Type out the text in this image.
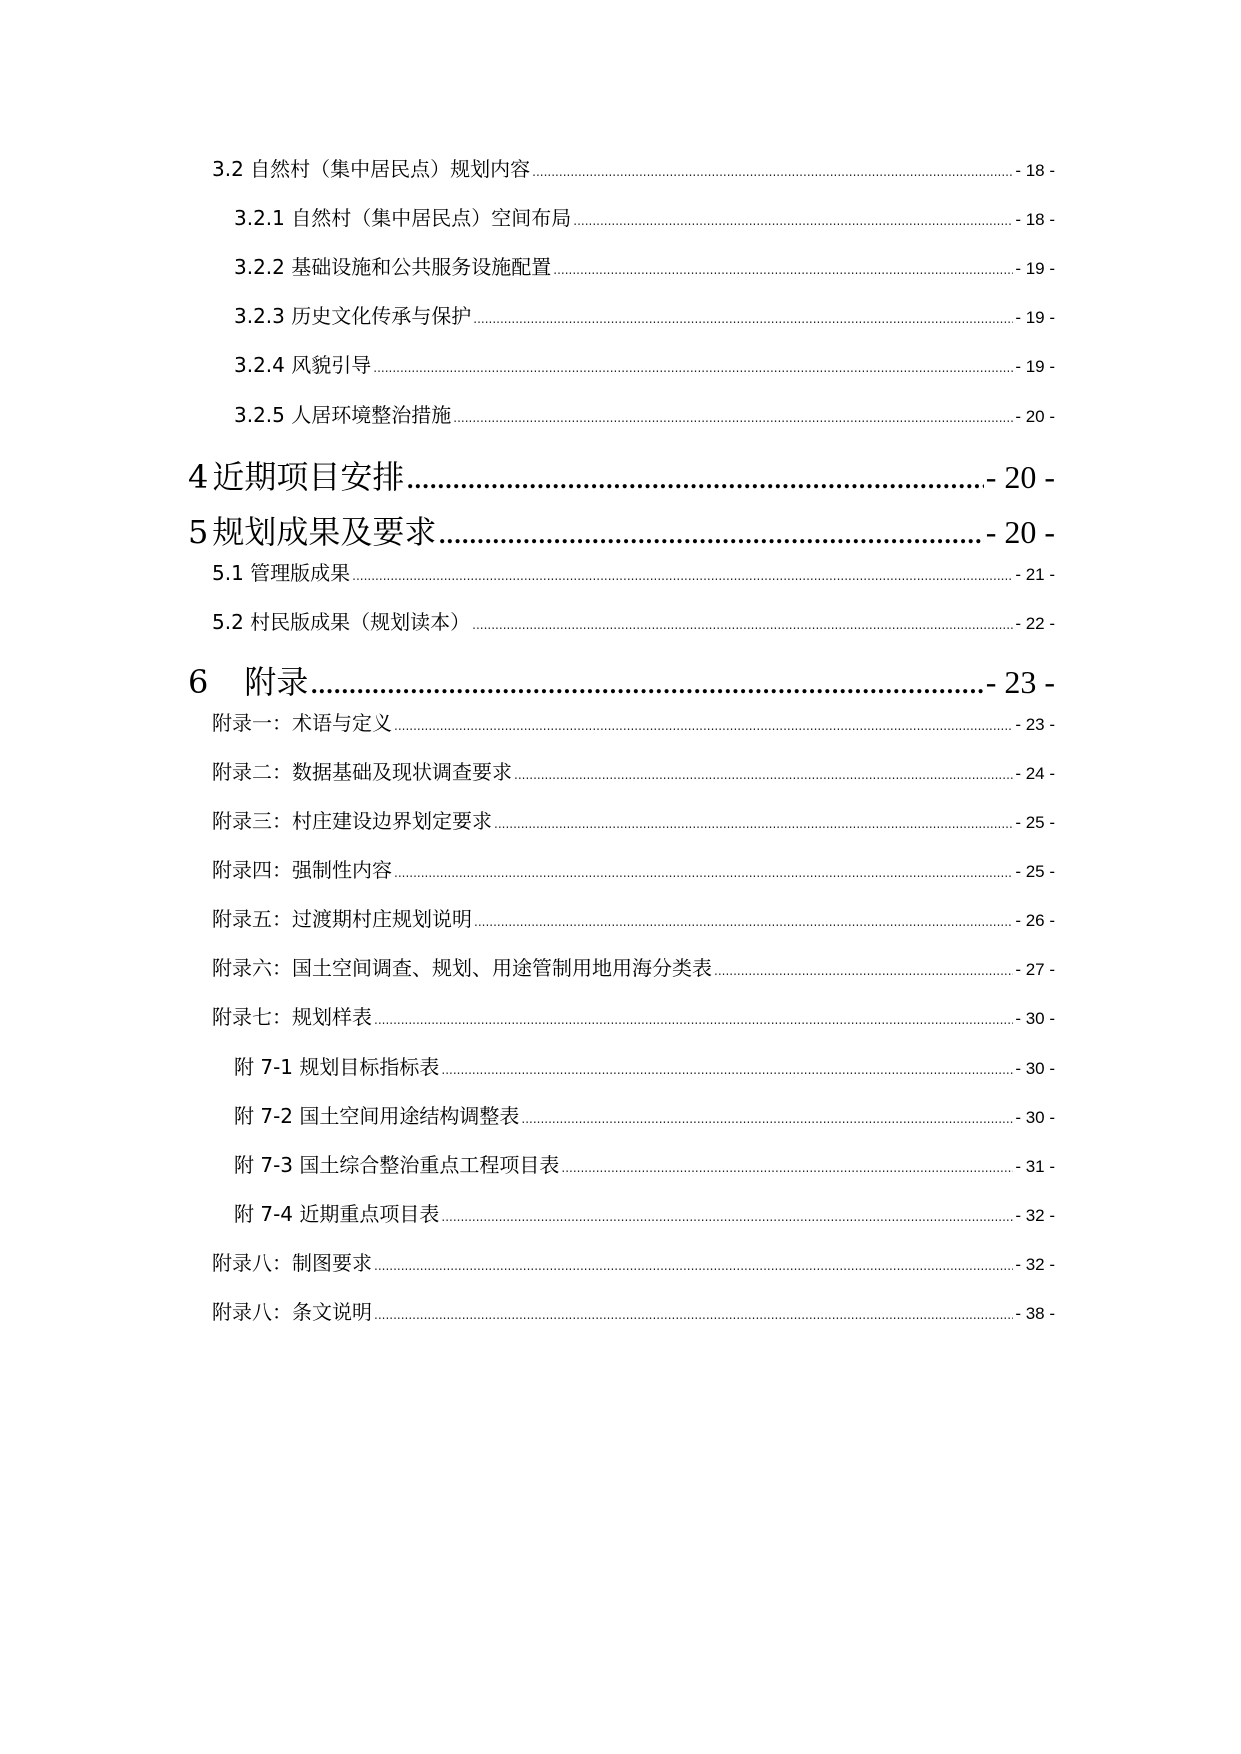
3.2 自然村（集中居民点）规划内容 .....	- 18 -
3.2.1 自然村（集中居民点）空间布局 .....	- 18 -
3.2.2 基础设施和公共服务设施配置 .....	- 19 -
3.2.3 历史文化传承与保护 .....	- 19 -
3.2.4 风貌引导 .....	- 19 -
3.2.5 人居环境整治措施 .....	- 20 -
4 近期项目安排 .....	- 20 -
5 规划成果及要求 .....	- 20 -
5.1 管理版成果 .....	- 21 -
5.2 村民版成果（规划读本） .....	- 22 -
6 附录 .....	- 23 -
附录一：术语与定义 .....	- 23 -
附录二：数据基础及现状调查要求 .....	- 24 -
附录三：村庄建设边界划定要求 .....	- 25 -
附录四：强制性内容 .....	- 25 -
附录五：过渡期村庄规划说明 .....	- 26 -
附录六：国土空间调查、规划、用途管制用地用海分类表 .....	- 27 -
附录七：规划样表 .....	- 30 -
附 7-1 规划目标指标表 .....	- 30 -
附 7-2 国土空间用途结构调整表 .....	- 30 -
附 7-3 国土综合整治重点工程项目表 .....	- 31 -
附 7-4 近期重点项目表 .....	- 32 -
附录八：制图要求 .....	- 32 -
附录八：条文说明 .....	- 38 -
